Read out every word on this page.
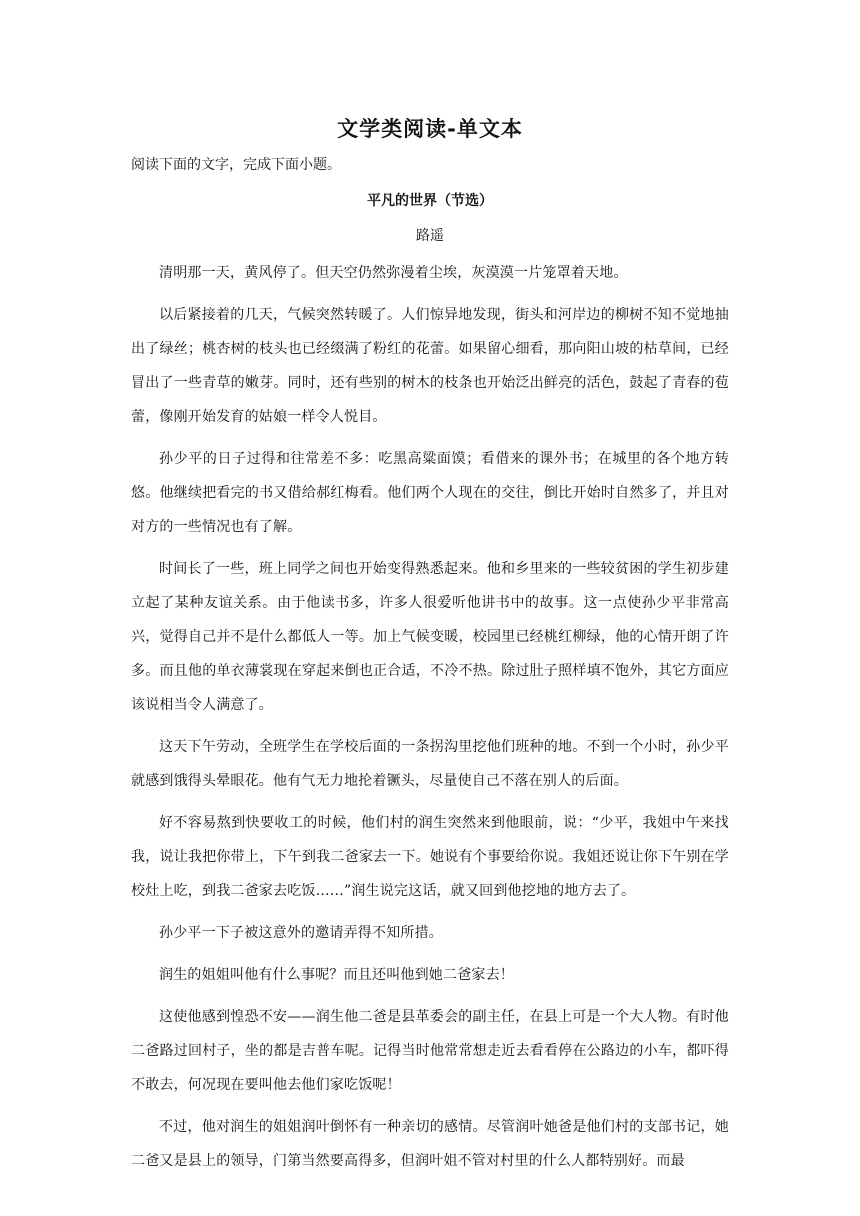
文学类阅读-单文本
阅读下面的文字，完成下面小题。
平凡的世界（节选）
路遥

清明那一天，黄风停了。但天空仍然弥漫着尘埃，灰漠漠一片笼罩着天地。

以后紧接着的几天，气候突然转暖了。人们惊异地发现，街头和河岸边的柳树不知不觉地抽出了绿丝；桃杏树的枝头也已经缀满了粉红的花蕾。如果留心细看，那向阳山坡的枯草间，已经冒出了一些青草的嫩芽。同时，还有些别的树木的枝条也开始泛出鲜亮的活色，鼓起了青春的苞蕾，像刚开始发育的姑娘一样令人悦目。

孙少平的日子过得和往常差不多：吃黑高粱面馍；看借来的课外书；在城里的各个地方转悠。他继续把看完的书又借给郝红梅看。他们两个人现在的交往，倒比开始时自然多了，并且对对方的一些情况也有了解。

时间长了一些，班上同学之间也开始变得熟悉起来。他和乡里来的一些较贫困的学生初步建立起了某种友谊关系。由于他读书多，许多人很爱听他讲书中的故事。这一点使孙少平非常高兴，觉得自己并不是什么都低人一等。加上气候变暖，校园里已经桃红柳绿，他的心情开朗了许多。而且他的单衣薄裳现在穿起来倒也正合适，不冷不热。除过肚子照样填不饱外，其它方面应该说相当令人满意了。

这天下午劳动，全班学生在学校后面的一条拐沟里挖他们班种的地。不到一个小时，孙少平就感到饿得头晕眼花。他有气无力地抡着镢头，尽量使自己不落在别人的后面。

好不容易熬到快要收工的时候，他们村的润生突然来到他眼前，说：“少平，我姐中午来找我，说让我把你带上，下午到我二爸家去一下。她说有个事要给你说。我姐还说让你下午别在学校灶上吃，到我二爸家去吃饭……”润生说完这话，就又回到他挖地的地方去了。

孙少平一下子被这意外的邀请弄得不知所措。

润生的姐姐叫他有什么事呢？而且还叫他到她二爸家去！

这使他感到惶恐不安——润生他二爸是县革委会的副主任，在县上可是一个大人物。有时他二爸路过回村子，坐的都是吉普车呢。记得当时他常常想走近去看看停在公路边的小车，都吓得不敢去，何况现在要叫他去他们家吃饭呢！

不过，他对润生的姐姐润叶倒怀有一种亲切的感情。尽管润叶她爸是他们村的支部书记，她二爸又是县上的领导，门第当然要高得多，但润叶姐不管对村里的什么人都特别好。而最
